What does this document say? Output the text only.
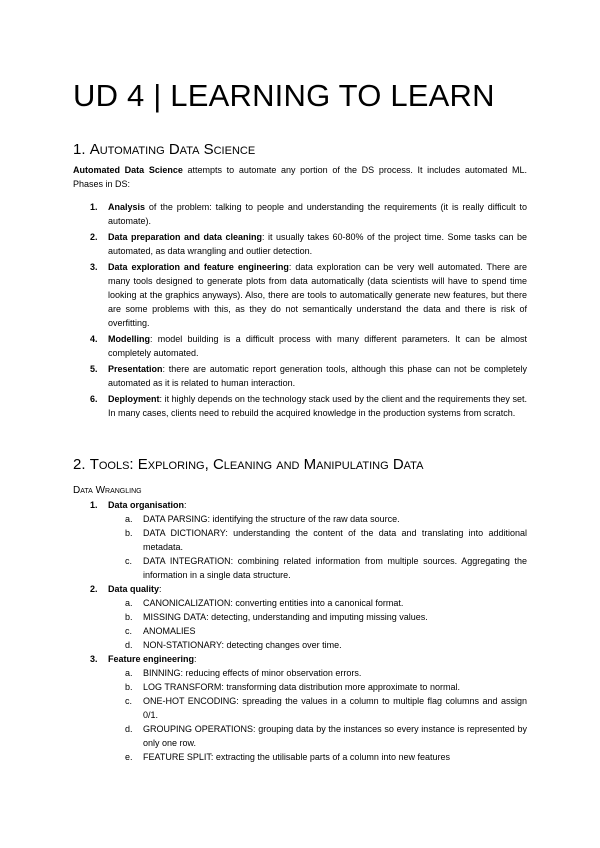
UD 4 | LEARNING TO LEARN
1. Automating Data Science

Automated Data Science attempts to automate any portion of the DS process. It includes automated ML. Phases in DS:

1. Analysis of the problem: talking to people and understanding the requirements (it is really difficult to automate).
2. Data preparation and data cleaning: it usually takes 60-80% of the project time. Some tasks can be automated, as data wrangling and outlier detection.
3. Data exploration and feature engineering: data exploration can be very well automated. There are many tools designed to generate plots from data automatically (data scientists will have to spend time looking at the graphics anyways). Also, there are tools to automatically generate new features, but there are some problems with this, as they do not semantically understand the data and there is risk of overfitting.
4. Modelling: model building is a difficult process with many different parameters. It can be almost completely automated.
5. Presentation: there are automatic report generation tools, although this phase can not be completely automated as it is related to human interaction.
6. Deployment: it highly depends on the technology stack used by the client and the requirements they set. In many cases, clients need to rebuild the acquired knowledge in the production systems from scratch.
2. Tools: Exploring, Cleaning and Manipulating Data
Data Wrangling
1. Data organisation:
a. DATA PARSING: identifying the structure of the raw data source.
b. DATA DICTIONARY: understanding the content of the data and translating into additional metadata.
c. DATA INTEGRATION: combining related information from multiple sources. Aggregating the information in a single data structure.
2. Data quality:
a. CANONICALIZATION: converting entities into a canonical format.
b. MISSING DATA: detecting, understanding and imputing missing values.
c. ANOMALIES
d. NON-STATIONARY: detecting changes over time.
3. Feature engineering:
a. BINNING: reducing effects of minor observation errors.
b. LOG TRANSFORM: transforming data distribution more approximate to normal.
c. ONE-HOT ENCODING: spreading the values in a column to multiple flag columns and assign 0/1.
d. GROUPING OPERATIONS: grouping data by the instances so every instance is represented by only one row.
e. FEATURE SPLIT: extracting the utilisable parts of a column into new features
